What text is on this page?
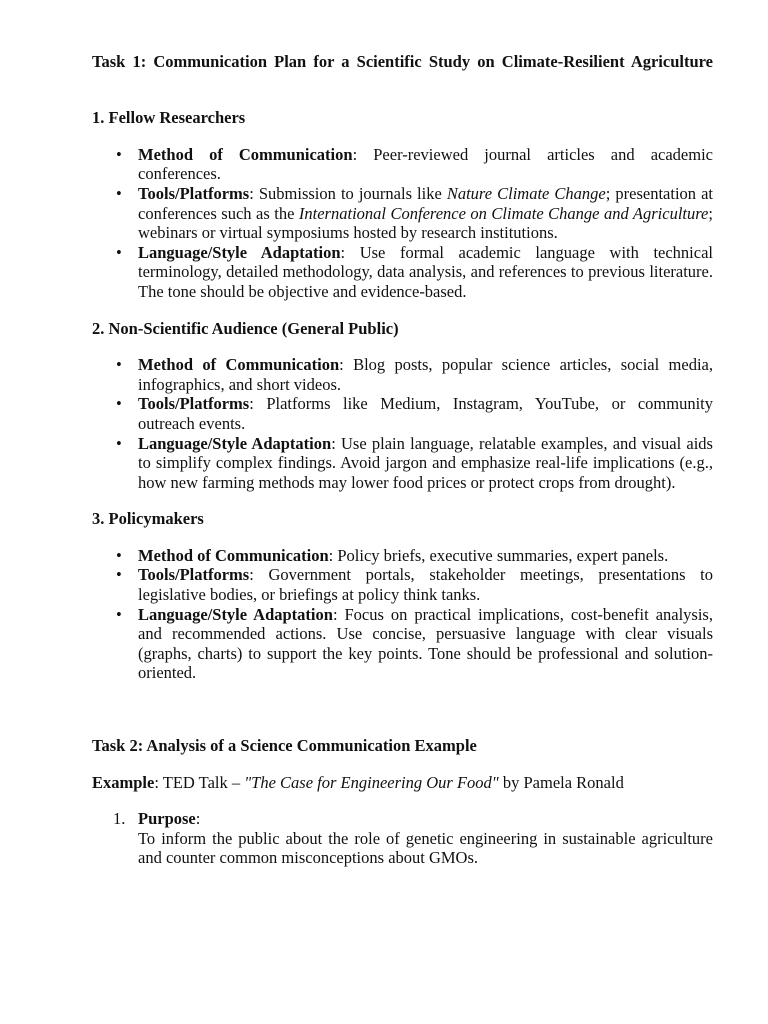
Task 1: Communication Plan for a Scientific Study on Climate-Resilient Agriculture
1. Fellow Researchers
• Method of Communication: Peer-reviewed journal articles and academic conferences.
• Tools/Platforms: Submission to journals like Nature Climate Change; presentation at conferences such as the International Conference on Climate Change and Agriculture; webinars or virtual symposiums hosted by research institutions.
• Language/Style Adaptation: Use formal academic language with technical terminology, detailed methodology, data analysis, and references to previous literature. The tone should be objective and evidence-based.
2. Non-Scientific Audience (General Public)
• Method of Communication: Blog posts, popular science articles, social media, infographics, and short videos.
• Tools/Platforms: Platforms like Medium, Instagram, YouTube, or community outreach events.
• Language/Style Adaptation: Use plain language, relatable examples, and visual aids to simplify complex findings. Avoid jargon and emphasize real-life implications (e.g., how new farming methods may lower food prices or protect crops from drought).
3. Policymakers
• Method of Communication: Policy briefs, executive summaries, expert panels.
• Tools/Platforms: Government portals, stakeholder meetings, presentations to legislative bodies, or briefings at policy think tanks.
• Language/Style Adaptation: Focus on practical implications, cost-benefit analysis, and recommended actions. Use concise, persuasive language with clear visuals (graphs, charts) to support the key points. Tone should be professional and solution-oriented.
Task 2: Analysis of a Science Communication Example
Example: TED Talk – "The Case for Engineering Our Food" by Pamela Ronald
1. Purpose:
To inform the public about the role of genetic engineering in sustainable agriculture and counter common misconceptions about GMOs.
